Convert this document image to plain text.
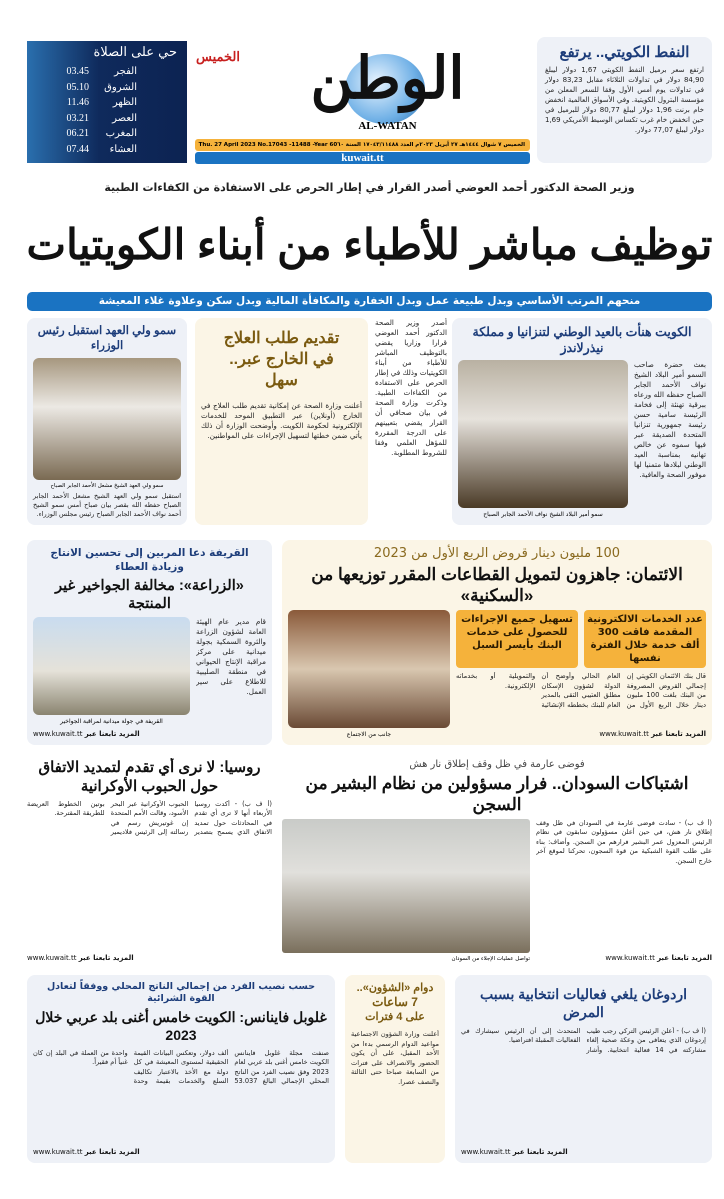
النفط الكويتي.. يرتفع
ارتفع سعر برميل النفط الكويتي 1,67 دولار ليبلغ 84,90 دولار في تداولات الثلاثاء مقابل 83,23 دولار في تداولات يوم أمس الأول وفقا للسعر المعلن من مؤسسة البترول الكويتية. وفي الأسواق العالمية انخفض خام برنت 1,96 دولار ليبلغ 80,77 دولار للبرميل في حين انخفض خام غرب تكساس الوسيط الأمريكي 1,69 دولار ليبلغ 77,07 دولار.
الوطن
AL-WATAN
الخميس
الخميس ٧ شوال ١٤٤٤هـ ٢٧ أبريل ٢٠٢٣م العدد ١٧٠٤٣/١١٤٨٨ السنة ٦٠
Thu. 27 April 2023 No.17043 -11488 -Year 60
kuwait.tt
حي على الصلاة
الفجر
03.45
الشروق
05.10
الظهر
11.46
العصر
03.21
المغرب
06.21
العشاء
07.44
وزير الصحة الدكتور أحمد العوضي أصدر القرار في إطار الحرص على الاستفادة من الكفاءات الطبية
توظيف مباشر للأطباء من أبناء الكويتيات
منحهم المرتب الأساسي وبدل طبيعة عمل وبدل الخفارة والمكافأة المالية وبدل سكن وعلاوة غلاء المعيشة
الكويت هنأت بالعيد الوطني لتنزانيا و مملكة نيذرلاندز
بعث حضرة صاحب السمو أمير البلاد الشيخ نواف الأحمد الجابر الصباح حفظه الله ورعاه ببرقية تهنئة إلى فخامة الرئيسة سامية حسن رئيسة جمهورية تنزانيا المتحدة الصديقة عبر فيها سموه عن خالص تهانيه بمناسبة العيد الوطني لبلادها متمنيا لها موفور الصحة والعافية.
سمو أمير البلاد الشيخ نواف الأحمد الجابر الصباح
أصدر وزير الصحة الدكتور أحمد العوضي قرارا وزاريا يقضي بالتوظيف المباشر للأطباء من أبناء الكويتيات وذلك في إطار الحرص على الاستفادة من الكفاءات الطبية. وذكرت وزارة الصحة في بيان صحافي أن القرار يقضي بتعيينهم على الدرجة المقررة للمؤهل العلمي وفقا للشروط المطلوبة.
تقديم طلب العلاج في الخارج عبر.. سهل
أعلنت وزارة الصحة عن إمكانية تقديم طلب العلاج في الخارج (أونلاين) عبر التطبيق الموحد للخدمات الإلكترونية لحكومة الكويت. وأوضحت الوزارة أن ذلك يأتي ضمن خطتها لتسهيل الإجراءات على المواطنين.
سمو ولي العهد استقبل رئيس الوزراء
سمو ولي العهد الشيخ مشعل الأحمد الجابر الصباح
استقبل سمو ولي العهد الشيخ مشعل الأحمد الجابر الصباح حفظه الله بقصر بيان صباح أمس سمو الشيخ أحمد نواف الأحمد الجابر الصباح رئيس مجلس الوزراء.
100 مليون دينار قروض الربع الأول من 2023
الائتمان: جاهزون لتمويل القطاعات المقرر توزيعها من «السكنية»
عدد الخدمات الالكترونية المقدمة فاقت 300 ألف خدمة خلال الفترة نفسها
تسهيل جميع الإجراءات للحصول على خدمات البنك بأيسر السبل
قال بنك الائتمان الكويتي إن إجمالي القروض المصروفة من البنك بلغت 100 مليون دينار خلال الربع الأول من العام الحالي وأوضح أن الدولة لشؤون الإسكان مطلق العتيبي التقى بالمدير العام للبنك بخططه الإنشائية والتمويلية أو بخدماته الإلكترونية.
www.kuwait.tt المزيد تابعنا عبر
جانب من الاجتماع
القريفة دعا المربين إلى تحسين الانتاج وزيادة العطاء
«الزراعة»: مخالفة الجواخير غير المنتجة
قام مدير عام الهيئة العامة لشؤون الزراعة والثروة السمكية بجولة ميدانية على مركز مراقبة الإنتاج الحيواني في منطقة الصليبية للاطلاع على سير العمل.
القريفة في جولة ميدانية لمراقبة الجواخير
www.kuwait.tt المزيد تابعنا عبر
فوضى عارمة في ظل وقف إطلاق نار هش
اشتباكات السودان.. فرار مسؤولين من نظام البشير من السجن
(أ ف ب) - سادت فوضى عارمة في السودان في ظل وقف إطلاق نار هش، في حين أعلن مسؤولون سابقون في نظام الرئيس المعزول عمر البشير فرارهم من السجن. وأضاف: بناء على طلب القوة الشبكية من قوة السجون، تحركنا لموقع آخر خارج السجن.
www.kuwait.tt المزيد تابعنا عبر
تواصل عمليات الإجلاء من السودان
روسيا: لا نرى أي تقدم لتمديد الاتفاق حول الحبوب الأوكرانية
(أ ف ب) - أكدت روسيا الأربعاء أنها لا ترى أي تقدم في المحادثات حول تمديد الاتفاق الذي يسمح بتصدير الحبوب الأوكرانية عبر البحر الأسود، وقالت الأمم المتحدة إن غوتيريش رسم في رسالته إلى الرئيس فلاديمير بوتين الخطوط العريضة للطريقة المقترحة.
www.kuwait.tt المزيد تابعنا عبر
اردوغان يلغي فعاليات انتخابية بسبب المرض
(أ ف ب) - أعلن الرئيس التركي رجب طيب إردوغان الذي يتعافى من وعكة صحية إلغاء مشاركته في 14 فعالية انتخابية. وأشار المتحدث إلى أن الرئيس سيشارك في الفعاليات المقبلة افتراضيا.
www.kuwait.tt المزيد تابعنا عبر
دوام «الشؤون»..
7 ساعات
على 4 فترات
أعلنت وزارة الشؤون الاجتماعية مواعيد الدوام الرسمي بدءا من الأحد المقبل، على أن يكون الحضور والانصراف على فترات من السابعة صباحا حتى الثالثة والنصف عصرا.
حسب نصيب الفرد من إجمالي الناتج المحلي ووفقاً لتعادل القوة الشرائية
غلوبل فاينانس: الكويت خامس أغنى بلد عربي خلال 2023
صنفت مجلة غلوبل فاينانس الكويت خامس أغنى بلد عربي لعام 2023 وفق نصيب الفرد من الناتج المحلي الإجمالي البالغ 53.037 ألف دولار، وتعكس البيانات القيمة الحقيقية لمستوى المعيشة في كل دولة مع الأخذ بالاعتبار تكاليف السلع والخدمات بقيمة وحدة واحدة من العملة في البلد إن كان غنياً أم فقيراً.
www.kuwait.tt المزيد تابعنا عبر
